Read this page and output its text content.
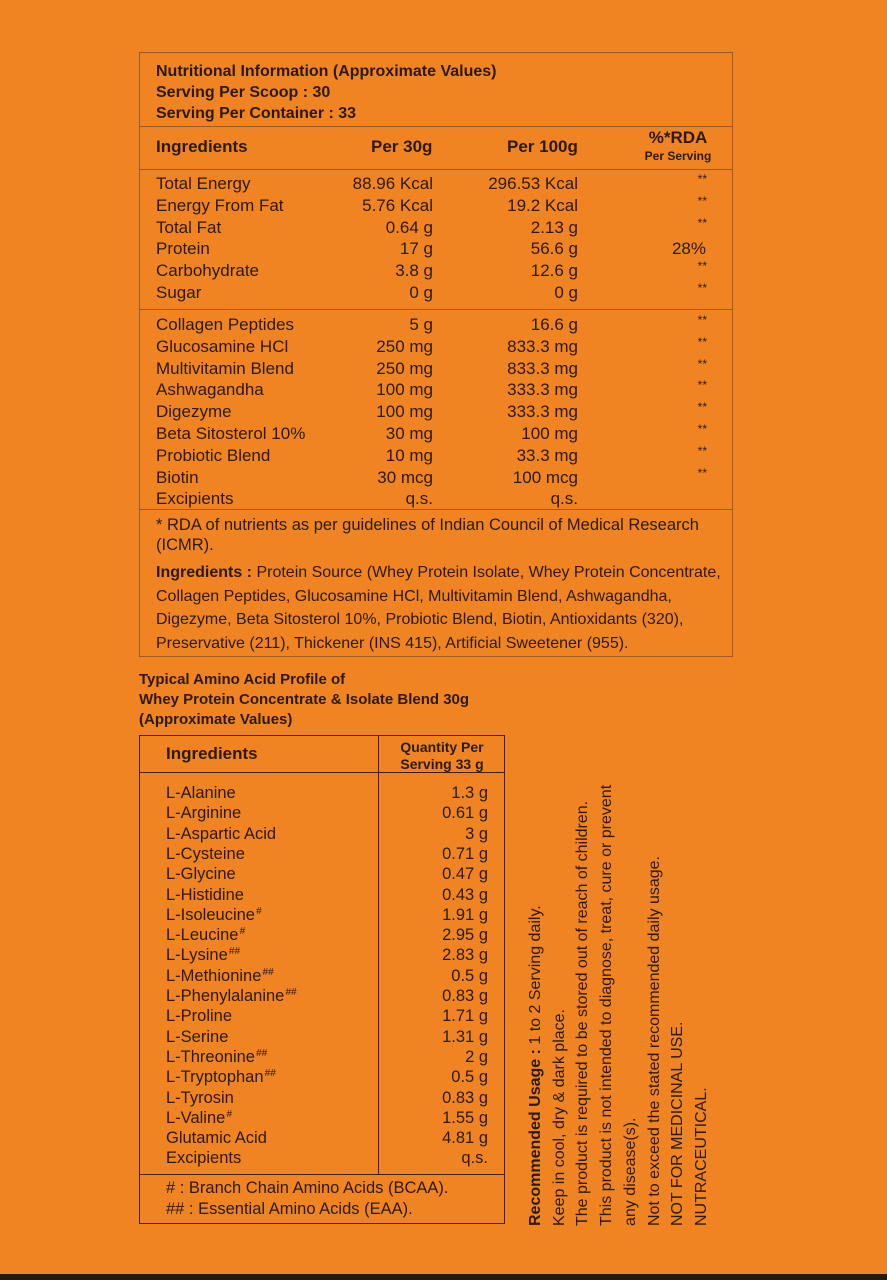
Nutritional Information (Approximate Values)
Serving Per Scoop : 30
Serving Per Container : 33
Ingredients	Per 30g	Per 100g	%*RDA
Per Serving
Total Energy	88.96 Kcal	296.53 Kcal	**
Energy From Fat	5.76 Kcal	19.2 Kcal	**
Total Fat	0.64 g	2.13 g	**
Protein	17 g	56.6 g	28%
Carbohydrate	3.8 g	12.6 g	**
Sugar	0 g	0 g	**
Collagen Peptides	5 g	16.6 g	**
Glucosamine HCl	250 mg	833.3 mg	**
Multivitamin Blend	250 mg	833.3 mg	**
Ashwagandha	100 mg	333.3 mg	**
Digezyme	100 mg	333.3 mg	**
Beta Sitosterol 10%	30 mg	100 mg	**
Probiotic Blend	10 mg	33.3 mg	**
Biotin	30 mcg	100 mcg	**
Excipients	q.s.	q.s.
* RDA of nutrients as per guidelines of Indian Council of Medical Research (ICMR).
Ingredients : Protein Source (Whey Protein Isolate, Whey Protein Concentrate, Collagen Peptides, Glucosamine HCl, Multivitamin Blend, Ashwagandha, Digezyme, Beta Sitosterol 10%, Probiotic Blend, Biotin, Antioxidants (320), Preservative (211), Thickener (INS 415), Artificial Sweetener (955).
Typical Amino Acid Profile of
Whey Protein Concentrate & Isolate Blend 30g
(Approximate Values)
Ingredients	Quantity Per
Serving 33 g
L-Alanine	1.3 g
L-Arginine	0.61 g
L-Aspartic Acid	3 g
L-Cysteine	0.71 g
L-Glycine	0.47 g
L-Histidine	0.43 g
L-Isoleucine#	1.91 g
L-Leucine#	2.95 g
L-Lysine##	2.83 g
L-Methionine##	0.5 g
L-Phenylalanine##	0.83 g
L-Proline	1.71 g
L-Serine	1.31 g
L-Threonine##	2 g
L-Tryptophan##	0.5 g
L-Tyrosin	0.83 g
L-Valine#	1.55 g
Glutamic Acid	4.81 g
Excipients	q.s.
# : Branch Chain Amino Acids (BCAA).
## : Essential Amino Acids (EAA).	Recommended Usage : 1 to 2 Serving daily.
Keep in cool, dry & dark place. The product is required to be stored out of reach of children. This product is not intended to diagnose, treat, cure or prevent any disease(s). Not to exceed the stated recommended daily usage. NOT FOR MEDICINAL USE. NUTRACEUTICAL.
